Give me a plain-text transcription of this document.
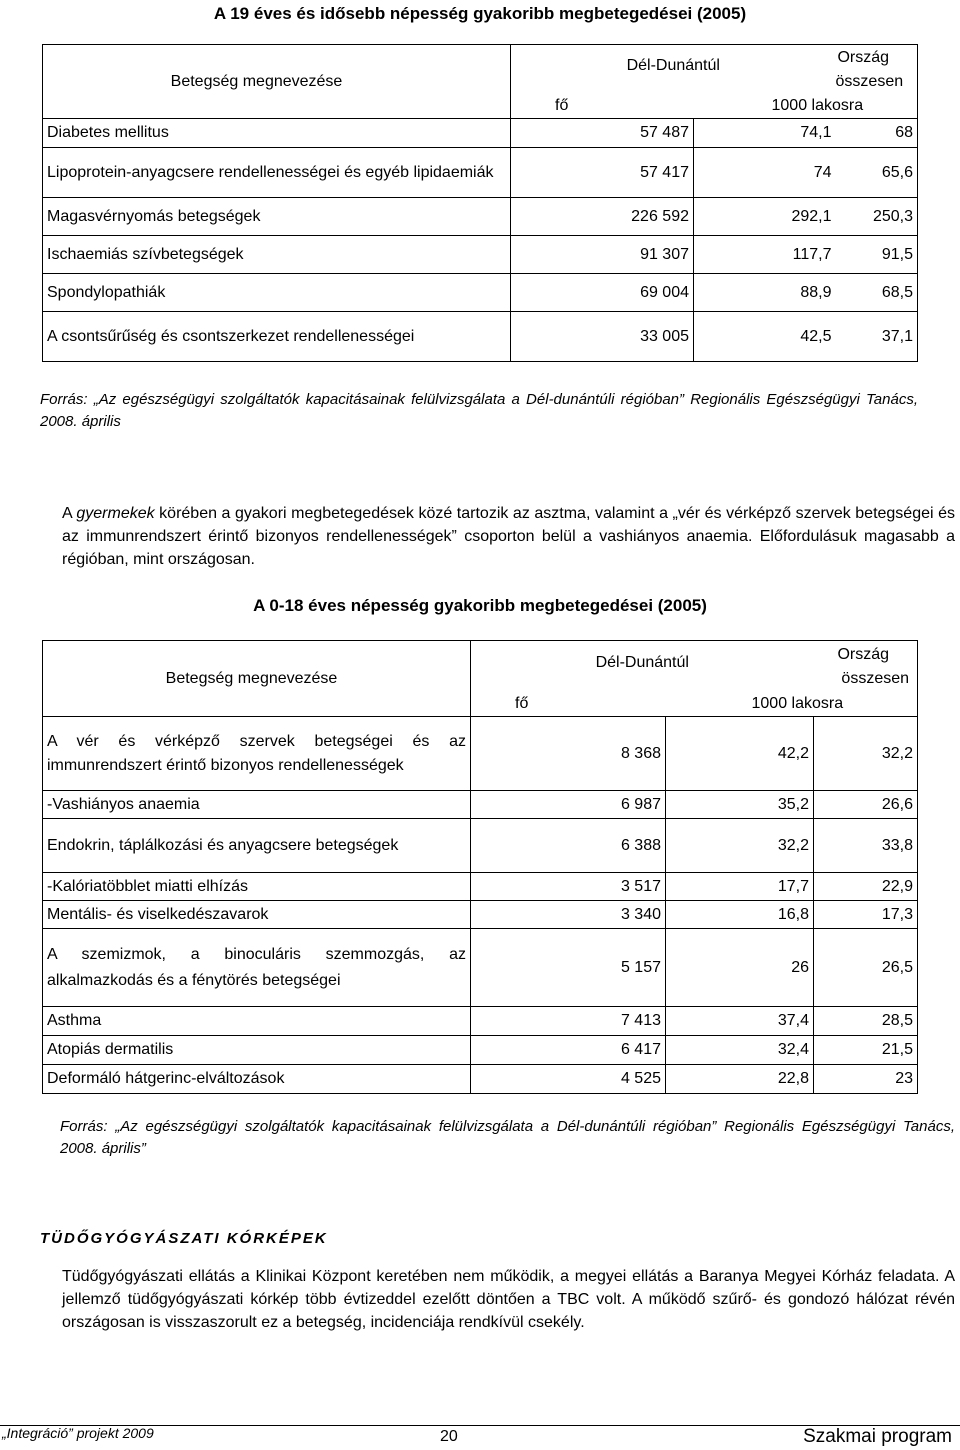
A 19 éves és idősebb népesség gyakoribb megbetegedései (2005)
Betegség megnevezése	Dél-Dunántúl		Ország
összesen

	fő	1000 lakosra	
Diabetes mellitus	57 487	74,1	68
Lipoprotein-anyagcsere rendellenességei és egyéb lipidaemiák	57 417	74	65,6
Magasvérnyomás betegségek	226 592	292,1	250,3
Ischaemiás szívbetegségek	91 307	117,7	91,5
Spondylopathiák	69 004	88,9	68,5
A csontsűrűség és csontszerkezet rendellenességei	33 005	42,5	37,1
Forrás: „Az egészségügyi szolgáltatók kapacitásainak felülvizsgálata a Dél-dunántúli régióban” Regionális Egészségügyi Tanács, 2008. április
A gyermekek körében a gyakori megbetegedések közé tartozik az asztma, valamint a „vér és vérképző szervek betegségei és az immunrendszert érintő bizonyos rendellenességek” csoporton belül a vashiányos anaemia. Előfordulásuk magasabb a régióban, mint országosan.
A 0-18 éves népesség gyakoribb megbetegedései (2005)
Betegség megnevezése	Dél-Dunántúl		Ország
összesen

	fő	1000 lakosra	
A vér és vérképző szervek betegségei és az immunrendszert érintő bizonyos rendellenességek	8 368	42,2	32,2
-Vashiányos anaemia	6 987	35,2	26,6
Endokrin, táplálkozási és anyagcsere betegségek	6 388	32,2	33,8
-Kalóriatöbblet miatti elhízás	3 517	17,7	22,9
Mentális- és viselkedészavarok	3 340	16,8	17,3
A szemizmok, a binoculáris szemmozgás, az alkalmazkodás és a fénytörés betegségei	5 157	26	26,5
Asthma	7 413	37,4	28,5
Atopiás dermatilis	6 417	32,4	21,5
Deformáló hátgerinc-elváltozások	4 525	22,8	23
Forrás: „Az egészségügyi szolgáltatók kapacitásainak felülvizsgálata a Dél-dunántúli régióban” Regionális Egészségügyi Tanács, 2008. április”
TÜDŐGYÓGYÁSZATI KÓRKÉPEK
Tüdőgyógyászati ellátás a Klinikai Központ keretében nem működik, a megyei ellátás a Baranya Megyei Kórház feladata. A jellemző tüdőgyógyászati kórkép több évtizeddel ezelőtt döntően a TBC volt. A működő szűrő- és gondozó hálózat révén országosan is visszaszorult ez a betegség, incidenciája rendkívül csekély.
„Integráció” projekt 2009	20	Szakmai program
